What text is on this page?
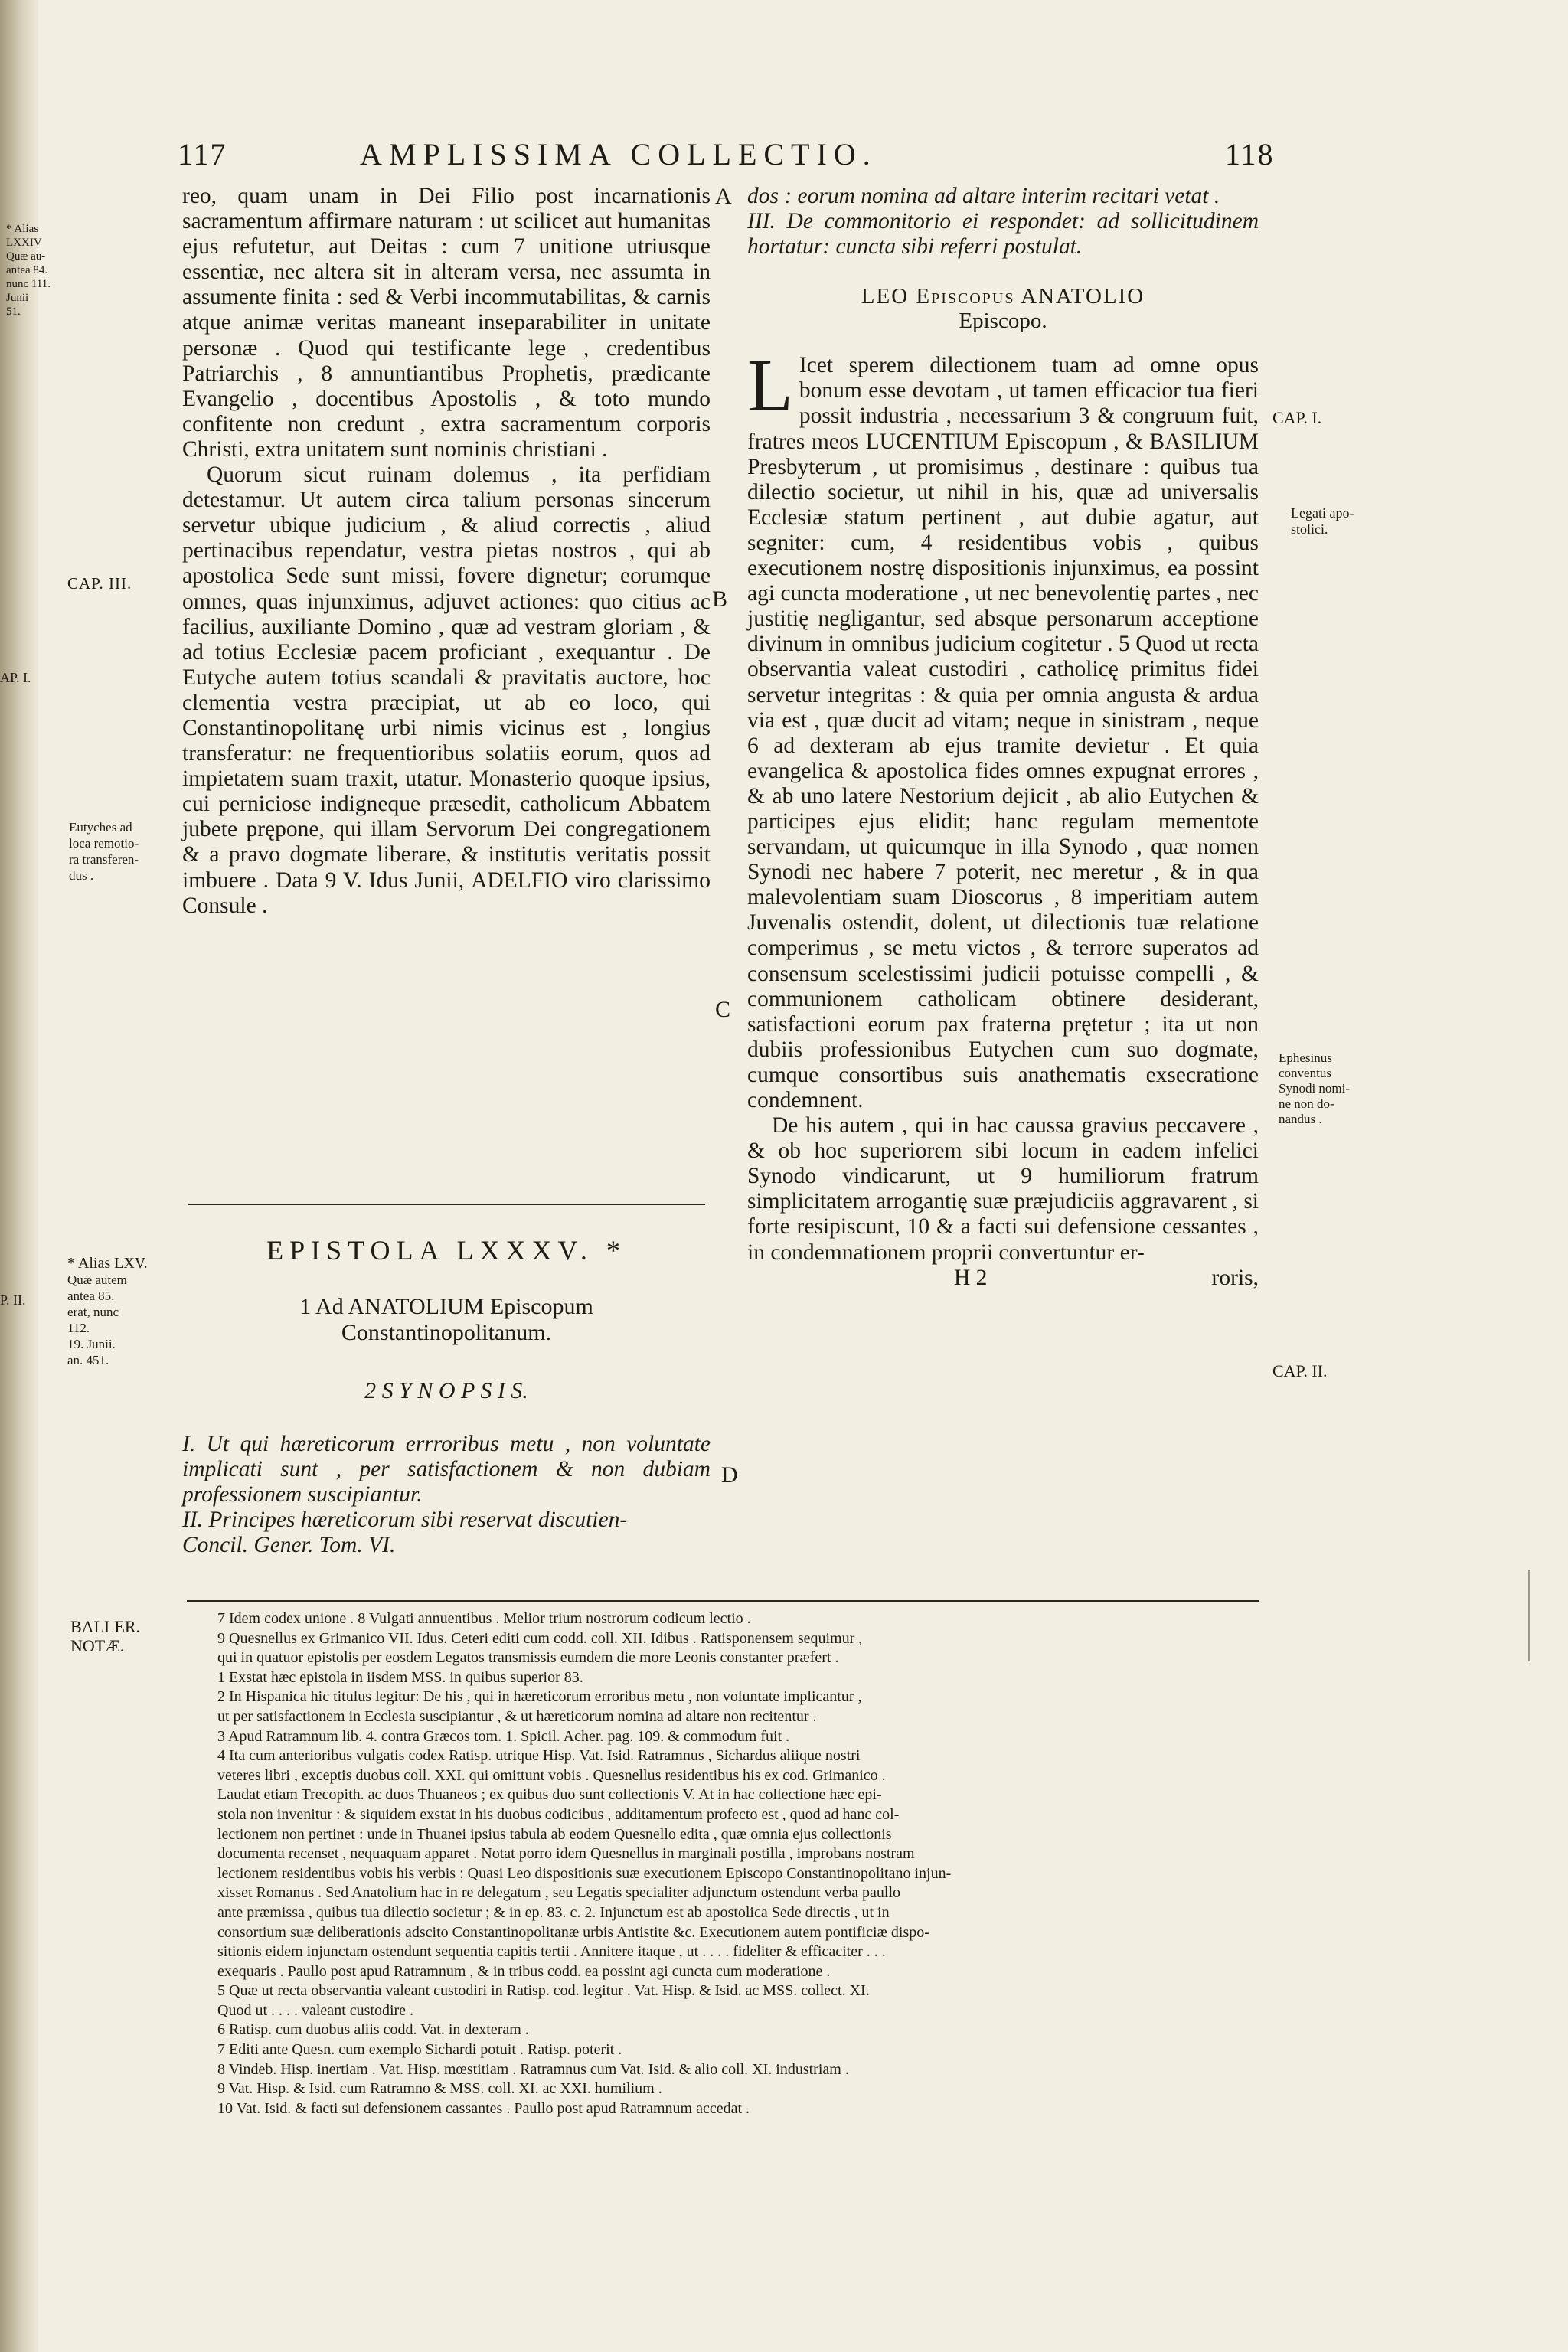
* Alias
LXXIV
Quæ au-
antea 84.
nunc 111.
Junii
51.
AP. I.
P. II.
117	AMPLISSIMA COLLECTIO.	118
CAP. III.
Eutyches ad
loca remotio-
ra transferen-
dus .
* Alias LXV.
Quæ autem
antea 85.
erat, nunc
112.
19. Junii.
an. 451.
BALLER.
NOTÆ.
CAP. I.
Legati apo-
stolici.
Ephesinus
conventus
Synodi nomi-
ne non do-
nandus .
CAP. II.
A
B
C
D

reo, quam unam in Dei Filio post incarnationis sacramentum affirmare naturam : ut scilicet aut humanitas ejus refutetur, aut Deitas : cum 7 unitione utriusque essentiæ, nec altera sit in alteram versa, nec assumta in assumente finita : sed & Verbi incommutabilitas, & carnis atque animæ veritas maneant inseparabiliter in unitate personæ . Quod qui testificante lege , credentibus Patriarchis , 8 annuntiantibus Prophetis, prædicante Evangelio , docentibus Apostolis , & toto mundo confitente non credunt , extra sacramentum corporis Christi, extra unitatem sunt nominis christiani .

Quorum sicut ruinam dolemus , ita perfidiam detestamur. Ut autem circa talium personas sincerum servetur ubique judicium , & aliud correctis , aliud pertinacibus rependatur, vestra pietas nostros , qui ab apostolica Sede sunt missi, fovere dignetur; eorumque omnes, quas injunximus, adjuvet actiones: quo citius ac facilius, auxiliante Domino , quæ ad vestram gloriam , & ad totius Ecclesiæ pacem proficiant , exequantur . De Eutyche autem totius scandali & pravitatis auctore, hoc clementia vestra præcipiat, ut ab eo loco, qui Constantinopolitanę urbi nimis vicinus est , longius transferatur: ne frequentioribus solatiis eorum, quos ad impietatem suam traxit, utatur. Monasterio quoque ipsius, cui perniciose indigneque præsedit, catholicum Abbatem jubete prępone, qui illam Servorum Dei congregationem & a pravo dogmate liberare, & institutis veritatis possit imbuere . Data 9 V. Idus Junii, ADELFIO viro clarissimo Consule .

EPISTOLA LXXXV. *
1 Ad ANATOLIUM Episcopum
Constantinopolitanum.
2 S Y N O P S I S.

I. Ut qui hæreticorum errroribus metu , non voluntate implicati sunt , per satisfactionem & non dubiam professionem suscipiantur.

II. Principes hæreticorum sibi reservat discutien-

Concil. Gener. Tom. VI.

dos : eorum nomina ad altare interim recitari vetat .

III. De commonitorio ei respondet: ad sollicitudinem hortatur: cuncta sibi referri postulat.

LEO Episcopus ANATOLIO
Episcopo.

L Icet sperem dilectionem tuam ad omne opus bonum esse devotam , ut tamen efficacior tua fieri possit industria , necessarium 3 & congruum fuit, fratres meos LUCENTIUM Episcopum , & BASILIUM Presbyterum , ut promisimus , destinare : quibus tua dilectio societur, ut nihil in his, quæ ad universalis Ecclesiæ statum pertinent , aut dubie agatur, aut segniter: cum, 4 residentibus vobis , quibus executionem nostrę dispositionis injunximus, ea possint agi cuncta moderatione , ut nec benevolentię partes , nec justitię negligantur, sed absque personarum acceptione divinum in omnibus judicium cogitetur . 5 Quod ut recta observantia valeat custodiri , catholicę primitus fidei servetur integritas : & quia per omnia angusta & ardua via est , quæ ducit ad vitam; neque in sinistram , neque 6 ad dexteram ab ejus tramite devietur . Et quia evangelica & apostolica fides omnes expugnat errores , & ab uno latere Nestorium dejicit , ab alio Eutychen & participes ejus elidit; hanc regulam mementote servandam, ut quicumque in illa Synodo , quæ nomen Synodi nec habere 7 poterit, nec meretur , & in qua malevolentiam suam Dioscorus , 8 imperitiam autem Juvenalis ostendit, dolent, ut dilectionis tuæ relatione comperimus , se metu victos , & terrore superatos ad consensum scelestissimi judicii potuisse compelli , & communionem catholicam obtinere desiderant, satisfactioni eorum pax fraterna prętetur ; ita ut non dubiis professionibus Eutychen cum suo dogmate, cumque consortibus suis anathematis exsecratione condemnent.

De his autem , qui in hac caussa gravius peccavere , & ob hoc superiorem sibi locum in eadem infelici Synodo vindicarunt, ut 9 humiliorum fratrum simplicitatem arrogantię suæ præjudiciis aggravarent , si forte resipiscunt, 10 & a facti sui defensione cessantes , in condemnationem proprii convertuntur er-

H 2	roris,
7 Idem codex unione . 8 Vulgati annuentibus . Melior trium nostrorum codicum lectio .
9 Quesnellus ex Grimanico VII. Idus. Ceteri editi cum codd. coll. XII. Idibus . Ratisponensem sequimur ,
qui in quatuor epistolis per eosdem Legatos transmissis eumdem die more Leonis constanter præfert .
1 Exstat hæc epistola in iisdem MSS. in quibus superior 83.
2 In Hispanica hic titulus legitur: De his , qui in hæreticorum erroribus metu , non voluntate implicantur ,
ut per satisfactionem in Ecclesia suscipiantur , & ut hæreticorum nomina ad altare non recitentur .
3 Apud Ratramnum lib. 4. contra Græcos tom. 1. Spicil. Acher. pag. 109. & commodum fuit .
4 Ita cum anterioribus vulgatis codex Ratisp. utrique Hisp. Vat. Isid. Ratramnus , Sichardus aliique nostri
veteres libri , exceptis duobus coll. XXI. qui omittunt vobis . Quesnellus residentibus his ex cod. Grimanico .
Laudat etiam Trecopith. ac duos Thuaneos ; ex quibus duo sunt collectionis V. At in hac collectione hæc epi-
stola non invenitur : & siquidem exstat in his duobus codicibus , additamentum profecto est , quod ad hanc col-
lectionem non pertinet : unde in Thuanei ipsius tabula ab eodem Quesnello edita , quæ omnia ejus collectionis
documenta recenset , nequaquam apparet . Notat porro idem Quesnellus in marginali postilla , improbans nostram
lectionem residentibus vobis his verbis : Quasi Leo dispositionis suæ executionem Episcopo Constantinopolitano injun-
xisset Romanus . Sed Anatolium hac in re delegatum , seu Legatis specialiter adjunctum ostendunt verba paullo
ante præmissa , quibus tua dilectio societur ; & in ep. 83. c. 2. Injunctum est ab apostolica Sede directis , ut in
consortium suæ deliberationis adscito Constantinopolitanæ urbis Antistite &c. Executionem autem pontificiæ dispo-
sitionis eidem injunctam ostendunt sequentia capitis tertii . Annitere itaque , ut . . . . fideliter & efficaciter . . .
exequaris . Paullo post apud Ratramnum , & in tribus codd. ea possint agi cuncta cum moderatione .
5 Quæ ut recta observantia valeant custodiri in Ratisp. cod. legitur . Vat. Hisp. & Isid. ac MSS. collect. XI.
Quod ut . . . . valeant custodire .
6 Ratisp. cum duobus aliis codd. Vat. in dexteram .
7 Editi ante Quesn. cum exemplo Sichardi potuit . Ratisp. poterit .
8 Vindeb. Hisp. inertiam . Vat. Hisp. mœstitiam . Ratramnus cum Vat. Isid. & alio coll. XI. industriam .
9 Vat. Hisp. & Isid. cum Ratramno & MSS. coll. XI. ac XXI. humilium .
10 Vat. Isid. & facti sui defensionem cassantes . Paullo post apud Ratramnum accedat .
